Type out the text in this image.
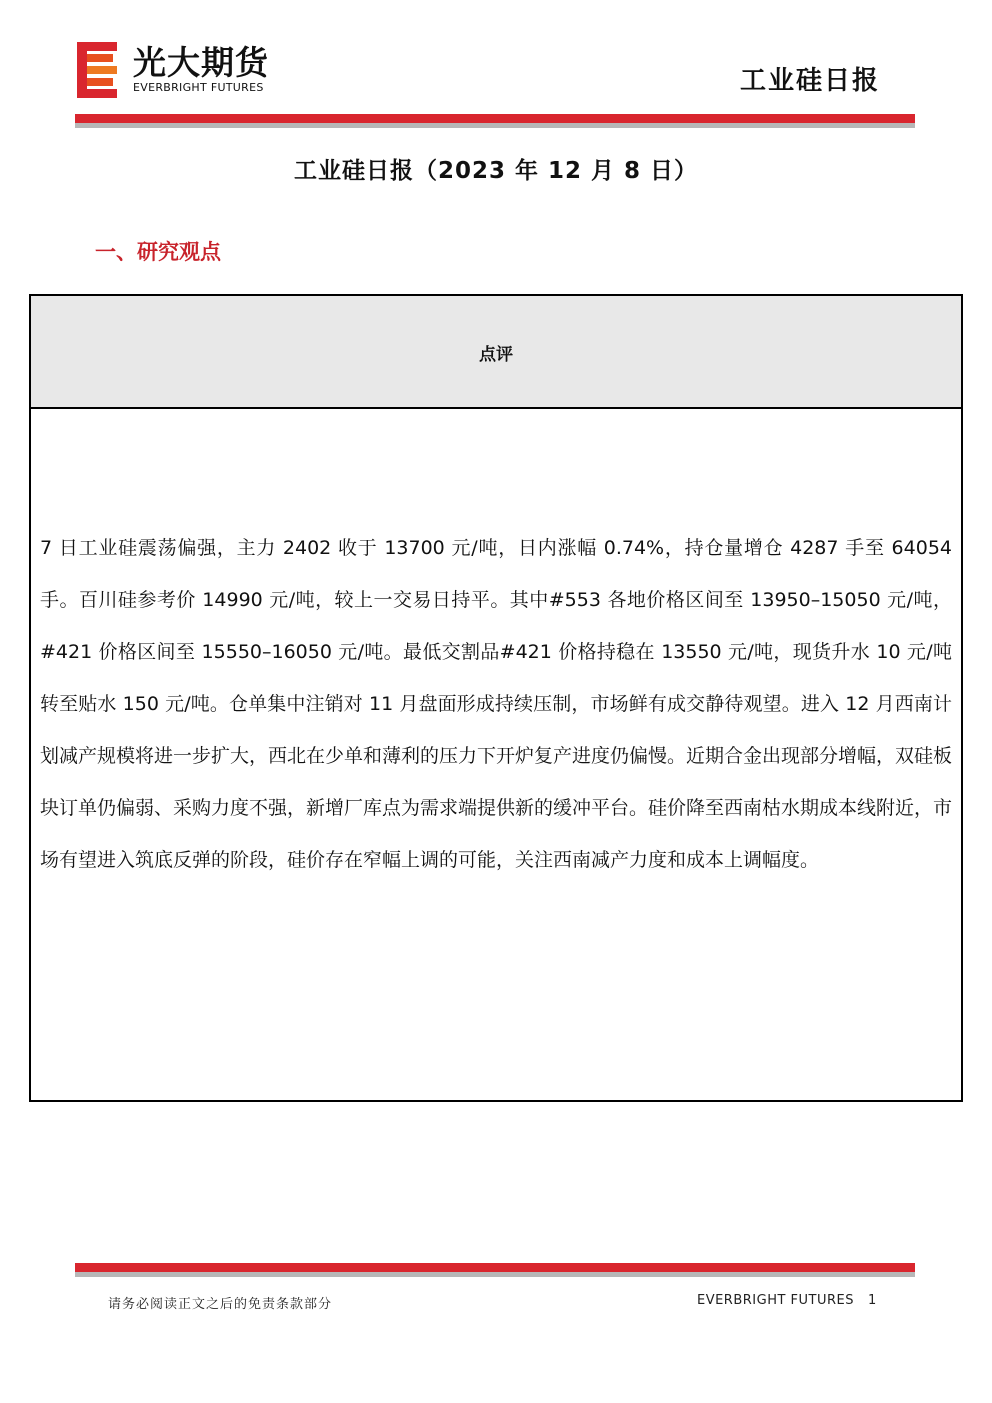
光大期货
EVERBRIGHT FUTURES	工业硅日报
工业硅日报（2023 年 12 月 8 日）
一、研究观点
点评
7 日工业硅震荡偏强，主力 2402 收于 13700 元/吨，日内涨幅 0.74%，持仓量增仓 4287 手至 64054 手。百川硅参考价 14990 元/吨，较上一交易日持平。其中#553 各地价格区间至 13950–15050 元/吨，#421 价格区间至 15550–16050 元/吨。最低交割品#421 价格持稳在 13550 元/吨，现货升水 10 元/吨转至贴水 150 元/吨。仓单集中注销对 11 月盘面形成持续压制，市场鲜有成交静待观望。进入 12 月西南计划减产规模将进一步扩大，西北在少单和薄利的压力下开炉复产进度仍偏慢。近期合金出现部分增幅，双硅板块订单仍偏弱、采购力度不强，新增厂库点为需求端提供新的缓冲平台。硅价降至西南枯水期成本线附近，市场有望进入筑底反弹的阶段，硅价存在窄幅上调的可能，关注西南减产力度和成本上调幅度。
请务必阅读正文之后的免责条款部分	EVERBRIGHT FUTURES 1
